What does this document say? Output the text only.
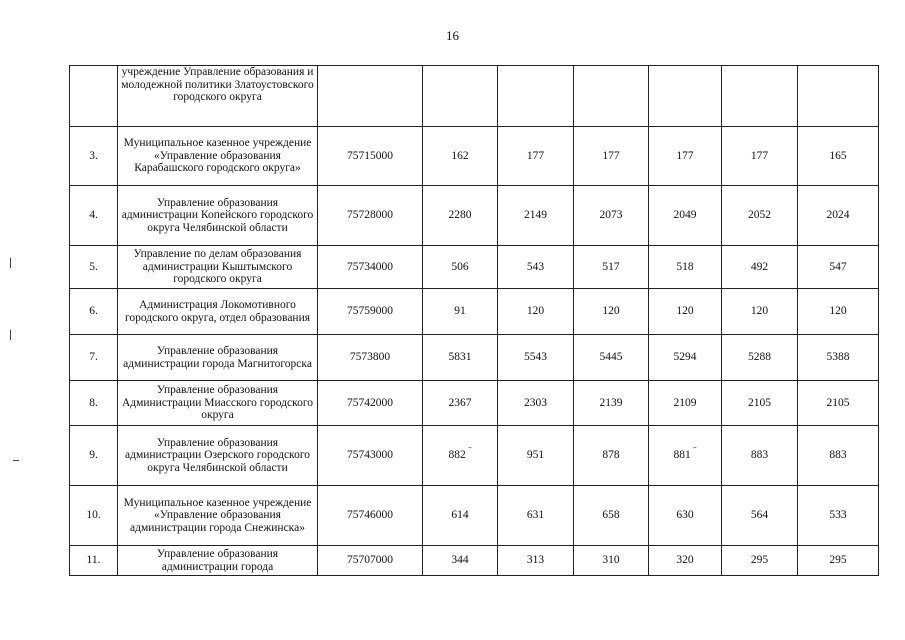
16
	учреждение Управление образования и молодежной политики Златоустовского городского округа							
3.	Муниципальное казенное учреждение «Управление образования Карабашского городского округа»	75715000	162	177	177	177	177	165
4.	Управление образования администрации Копейского городского округа Челябинской области	75728000	2280	2149	2073	2049	2052	2024
5.	Управление по делам образования администрации Кыштымского городского округа	75734000	506	543	517	518	492	547
6.	Администрация Локомотивного городского округа, отдел образования	75759000	91	120	120	120	120	120
7.	Управление образования администрации города Магнитогорска	7573800	5831	5543	5445	5294	5288	5388
8.	Управление образования Администрации Миасского городского округа	75742000	2367	2303	2139	2109	2105	2105
9.	Управление образования администрации Озерского городского округа Челябинской области	75743000	882 ˉ	951	878	881 ˉ	883	883
10.	Муниципальное казенное учреждение «Управление образования администрации города Снежинска»	75746000	614	631	658	630	564	533
11.	Управление образования администрации города	75707000	344	313	310	320	295	295
